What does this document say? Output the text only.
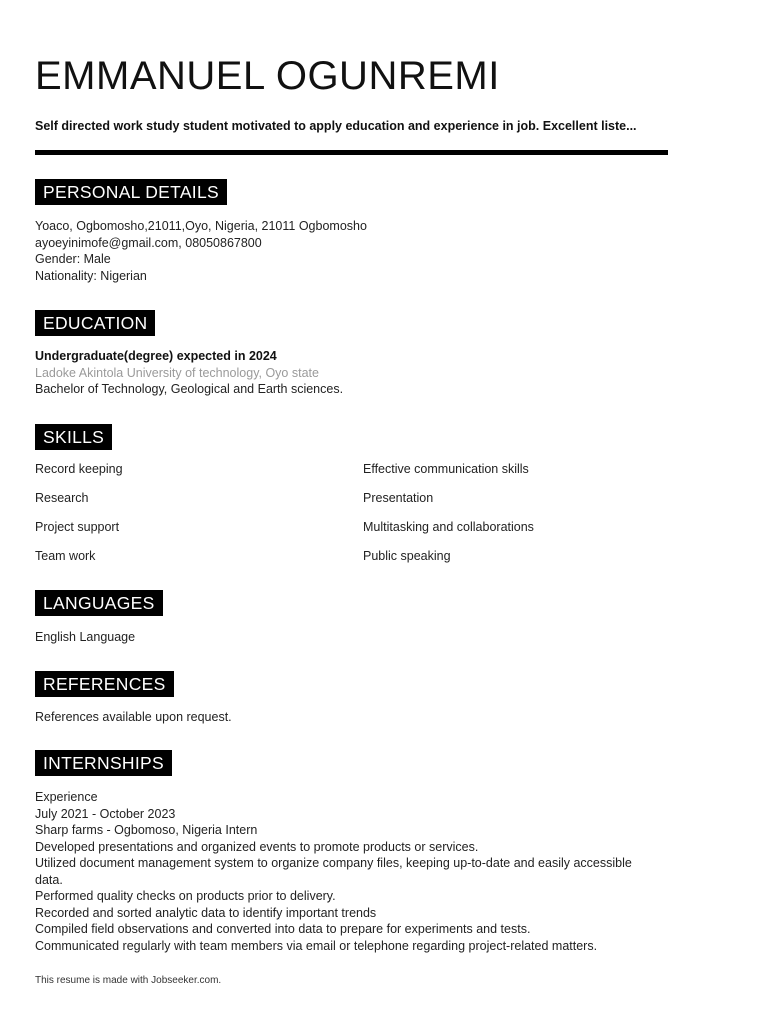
EMMANUEL OGUNREMI
Self directed work study student motivated to apply education and experience in job. Excellent liste...
PERSONAL DETAILS
Yoaco, Ogbomosho,21011,Oyo, Nigeria, 21011 Ogbomosho
ayoeyinimofe@gmail.com, 08050867800
Gender: Male
Nationality: Nigerian
EDUCATION
Undergraduate(degree) expected in 2024
Ladoke Akintola University of technology, Oyo state
Bachelor of Technology, Geological and Earth sciences.
SKILLS
Record keeping	Effective communication skills
Research	Presentation
Project support	Multitasking and collaborations
Team work	Public speaking
LANGUAGES
English Language
REFERENCES
References available upon request.
INTERNSHIPS
Experience
July 2021 - October 2023
Sharp farms - Ogbomoso, Nigeria Intern
Developed presentations and organized events to promote products or services.
Utilized document management system to organize company files, keeping up-to-date and easily accessible data.
Performed quality checks on products prior to delivery.
Recorded and sorted analytic data to identify important trends
Compiled field observations and converted into data to prepare for experiments and tests.
Communicated regularly with team members via email or telephone regarding project-related matters.
This resume is made with Jobseeker.com.
